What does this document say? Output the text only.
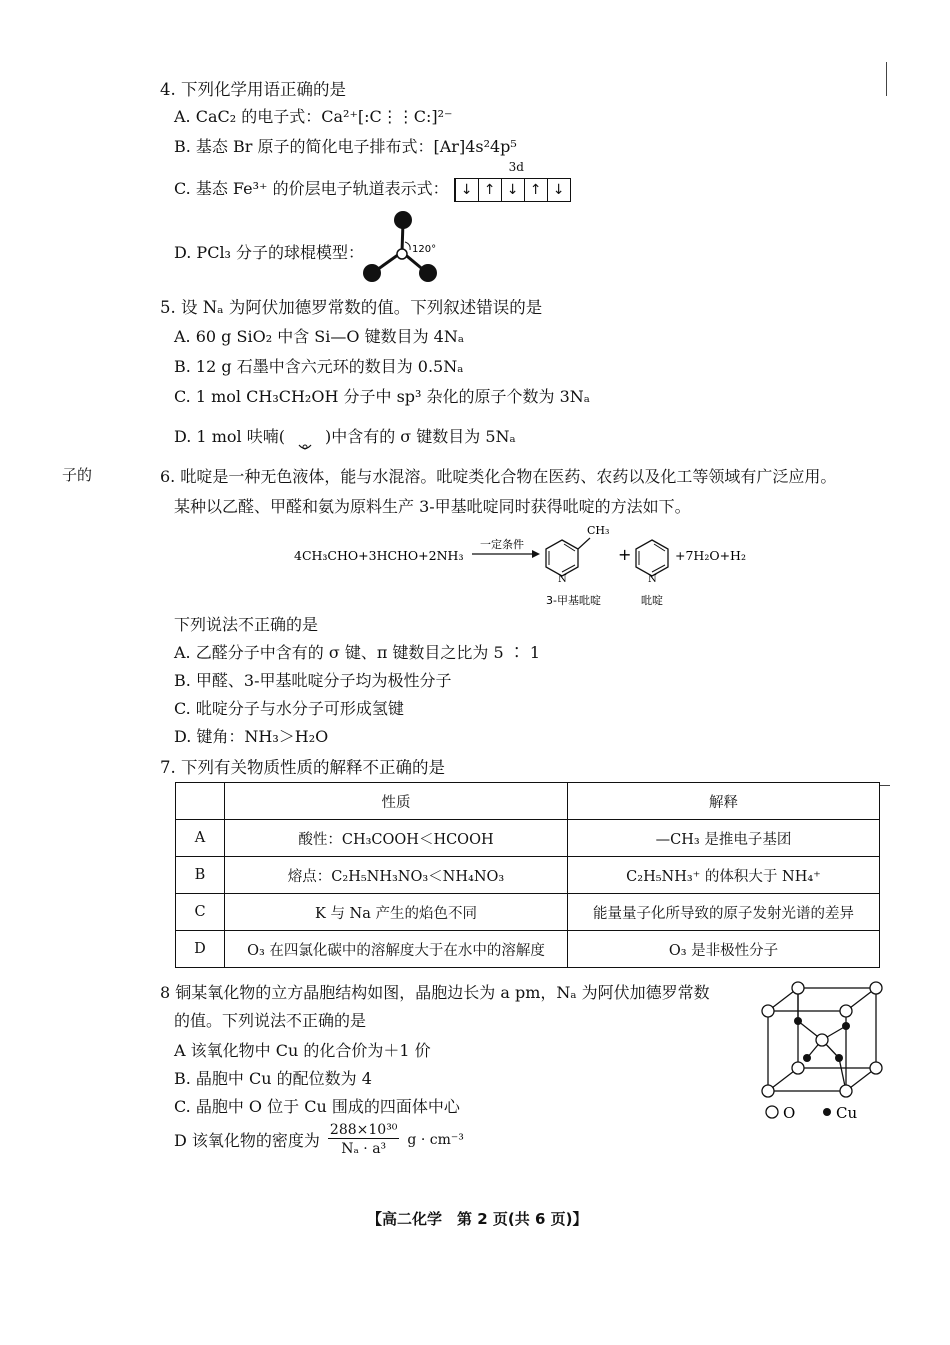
4. 下列化学用语正确的是
A. CaC₂ 的电子式：Ca²⁺[:C⋮⋮C:]²⁻
B. 基态 Br 原子的简化电子排布式：[Ar]4s²4p⁵
C. 基态 Fe³⁺ 的价层电子轨道表示式：
3d
↓ ↑ ↓ ↑ ↓
D. PCl₃ 分子的球棍模型：	120°
5. 设 Nₐ 为阿伏加德罗常数的值。下列叙述错误的是
A. 60 g SiO₂ 中含 Si—O 键数目为 4Nₐ
B. 12 g 石墨中含六元环的数目为 0.5Nₐ
C. 1 mol CH₃CH₂OH 分子中 sp³ 杂化的原子个数为 3Nₐ
D. 1 mol 呋喃(	)中含有的 σ 键数目为 5Nₐ
子的	6. 吡啶是一种无色液体，能与水混溶。吡啶类化合物在医药、农药以及化工等领域有广泛应用。
某种以乙醛、甲醛和氨为原料生产 3-甲基吡啶同时获得吡啶的方法如下。
4CH₃CHO+3HCHO+2NH₃
一定条件
CH₃
N
+
N
+7H₂O+H₂
3-甲基吡啶	吡啶
下列说法不正确的是
A. 乙醛分子中含有的 σ 键、π 键数目之比为 5 ∶ 1
B. 甲醛、3-甲基吡啶分子均为极性分子
C. 吡啶分子与水分子可形成氢键
D. 键角：NH₃＞H₂O
7. 下列有关物质性质的解释不正确的是
	性质	解释
A	酸性：CH₃COOH＜HCOOH	—CH₃ 是推电子基团
B	熔点：C₂H₅NH₃NO₃＜NH₄NO₃	C₂H₅NH₃⁺ 的体积大于 NH₄⁺
C	K 与 Na 产生的焰色不同	能量量子化所导致的原子发射光谱的差异
D	O₃ 在四氯化碳中的溶解度大于在水中的溶解度	O₃ 是非极性分子
8 铜某氧化物的立方晶胞结构如图，晶胞边长为 a pm，Nₐ 为阿伏加德罗常数
的值。下列说法不正确的是
A 该氧化物中 Cu 的化合价为＋1 价
B. 晶胞中 Cu 的配位数为 4
C. 晶胞中 O 位于 Cu 围成的四面体中心
D 该氧化物的密度为 $\frac{\text{288×10³⁰}}{\text{Nₐ · a³}}$ g · cm⁻³
O	Cu
【高二化学　第 2 页(共 6 页)】
